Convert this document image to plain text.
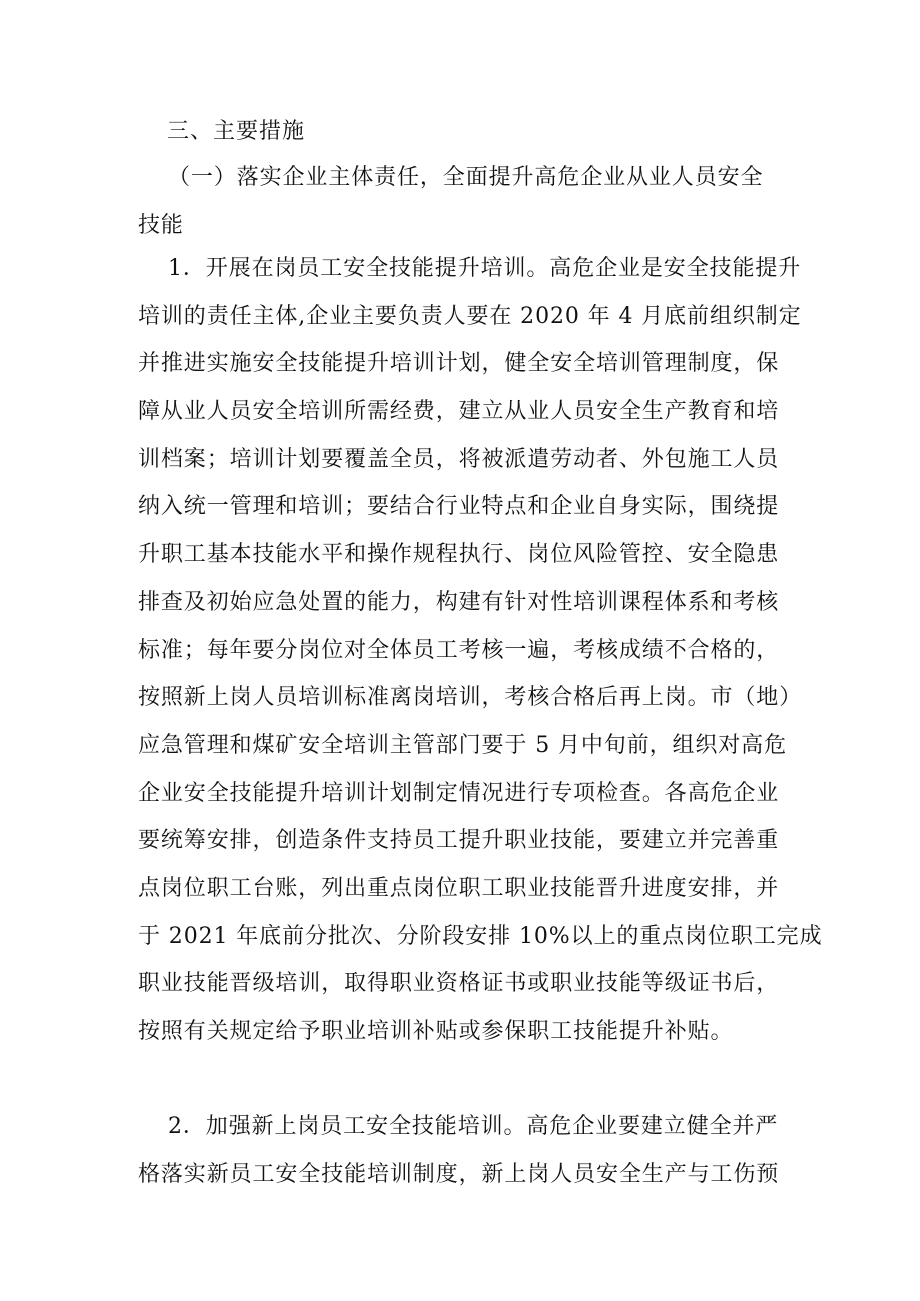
三、主要措施
（一）落实企业主体责任，全面提升高危企业从业人员安全
技能
1．开展在岗员工安全技能提升培训。高危企业是安全技能提升
培训的责任主体,企业主要负责人要在 2020 年 4 月底前组织制定
并推进实施安全技能提升培训计划，健全安全培训管理制度，保
障从业人员安全培训所需经费，建立从业人员安全生产教育和培
训档案；培训计划要覆盖全员，将被派遣劳动者、外包施工人员
纳入统一管理和培训；要结合行业特点和企业自身实际，围绕提
升职工基本技能水平和操作规程执行、岗位风险管控、安全隐患
排查及初始应急处置的能力，构建有针对性培训课程体系和考核
标准；每年要分岗位对全体员工考核一遍，考核成绩不合格的，
按照新上岗人员培训标准离岗培训，考核合格后再上岗。市（地）
应急管理和煤矿安全培训主管部门要于 5 月中旬前，组织对高危
企业安全技能提升培训计划制定情况进行专项检查。各高危企业
要统筹安排，创造条件支持员工提升职业技能，要建立并完善重
点岗位职工台账，列出重点岗位职工职业技能晋升进度安排，并
于 2021 年底前分批次、分阶段安排 10%以上的重点岗位职工完成
职业技能晋级培训，取得职业资格证书或职业技能等级证书后，
按照有关规定给予职业培训补贴或参保职工技能提升补贴。
2．加强新上岗员工安全技能培训。高危企业要建立健全并严
格落实新员工安全技能培训制度，新上岗人员安全生产与工伤预
